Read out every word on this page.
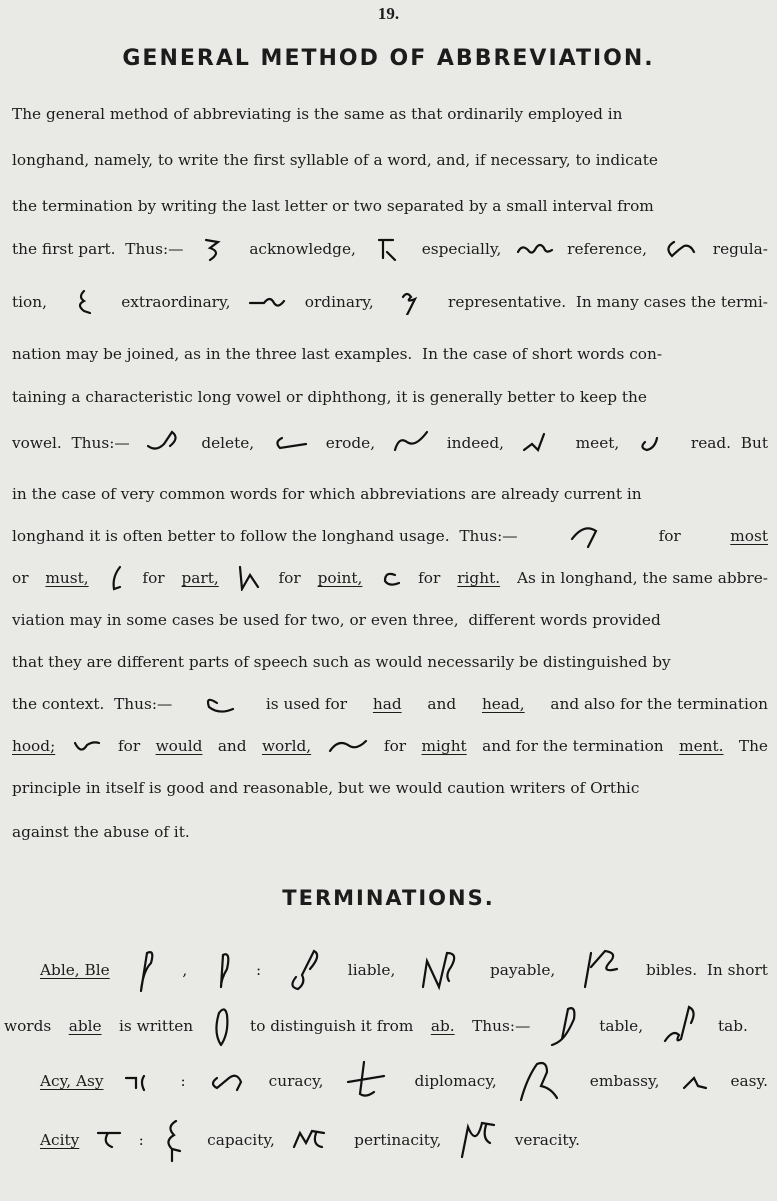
19.
GENERAL METHOD OF ABBREVIATION.
The general method of abbreviating is the same as that ordinarily employed in
longhand, namely, to write the first syllable of a word, and, if necessary, to indicate
the termination by writing the last letter or two separated by a small interval from
the first part.  Thus:—	acknowledge,	especially,	reference,	regula-
tion,	extraordinary,	ordinary,	representative.  In many cases the termi-
nation may be joined, as in the three last examples.  In the case of short words con-
taining a characteristic long vowel or diphthong, it is generally better to keep the
vowel.  Thus:—	delete,	erode,	indeed,	meet,	read.  But
in the case of very common words for which abbreviations are already current in
longhand it is often better to follow the longhand usage.  Thus:—	for	most
or must,	for part,	for point,	for right. As in longhand, the same abbre-
viation may in some cases be used for two, or even three,  different words provided
that they are different parts of speech such as would necessarily be distinguished by
the context.  Thus:—	is used for had and head, and also for the termination
hood;	for would and world,	for might and for the termination ment. The
principle in itself is good and reasonable, but we would caution writers of Orthic
against the abuse of it.
TERMINATIONS.
Able, Ble	,	:	liable,	payable,	bibles.  In short
words able is written	to distinguish it from ab. Thus:—	table,	tab.
Acy, Asy	:	curacy,	diplomacy,	embassy,	easy.
Acity	:	capacity,	pertinacity,	veracity.
